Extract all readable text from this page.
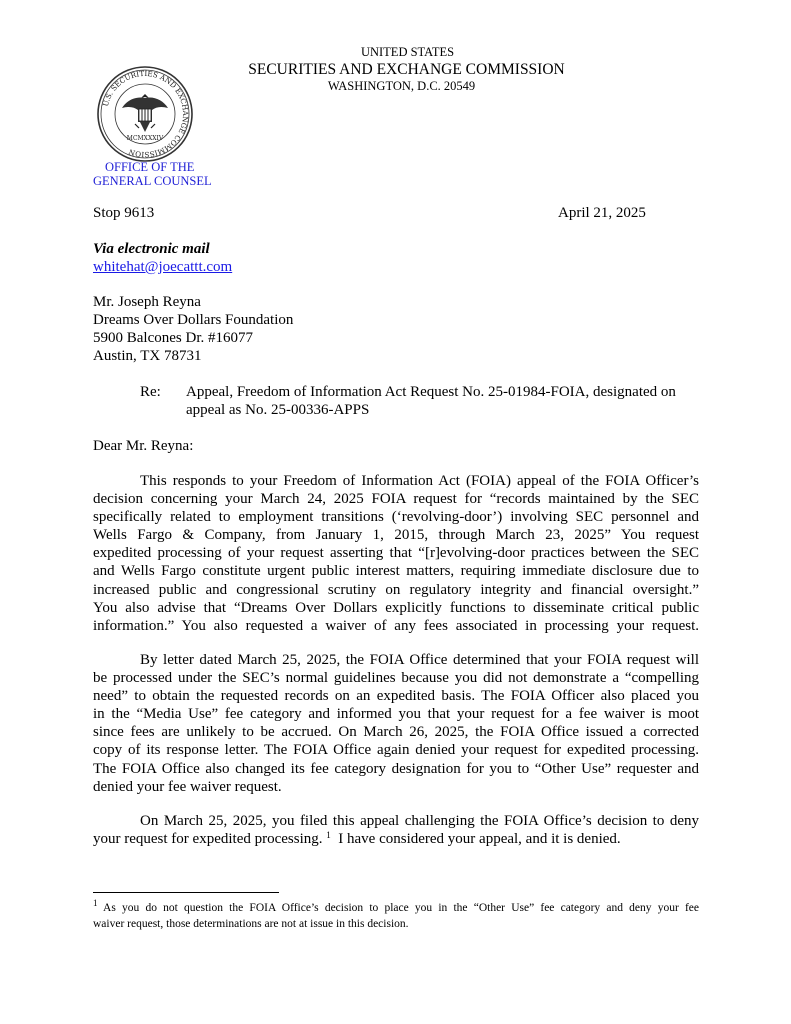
UNITED STATES
SECURITIES AND EXCHANGE COMMISSION
WASHINGTON, D.C. 20549
U.S. SECURITIES AND EXCHANGE COMMISSION
MCMXXXIV
OFFICE OF THE
GENERAL COUNSEL
Stop 9613	April 21, 2025
Via electronic mail
whitehat@joecattt.com
Mr. Joseph Reyna
Dreams Over Dollars Foundation
5900 Balcones Dr. #16077
Austin, TX 78731
Re: Appeal, Freedom of Information Act Request No. 25-01984-FOIA, designated on
appeal as No. 25-00336-APPS
Dear Mr. Reyna:
This responds to your Freedom of Information Act (FOIA) appeal of the FOIA Officer’s
decision concerning your March 24, 2025 FOIA request for “records maintained by the SEC
specifically related to employment transitions (‘revolving-door’) involving SEC personnel and
Wells Fargo & Company, from January 1, 2015, through March 23, 2025” You request
expedited processing of your request asserting that “[r]evolving-door practices between the SEC
and Wells Fargo constitute urgent public interest matters, requiring immediate disclosure due to
increased public and congressional scrutiny on regulatory integrity and financial oversight.”
You also advise that “Dreams Over Dollars explicitly functions to disseminate critical public
information.” You also requested a waiver of any fees associated in processing your request.
By letter dated March 25, 2025, the FOIA Office determined that your FOIA request will
be processed under the SEC’s normal guidelines because you did not demonstrate a “compelling
need” to obtain the requested records on an expedited basis. The FOIA Officer also placed you
in the “Media Use” fee category and informed you that your request for a fee waiver is moot
since fees are unlikely to be accrued. On March 26, 2025, the FOIA Office issued a corrected
copy of its response letter. The FOIA Office again denied your request for expedited processing.
The FOIA Office also changed its fee category designation for you to “Other Use” requester and
denied your fee waiver request.
On March 25, 2025, you filed this appeal challenging the FOIA Office’s decision to deny
your request for expedited processing. $^1$  I have considered your appeal, and it is denied.
$^1$ As you do not question the FOIA Office’s decision to place you in the “Other Use” fee category and deny your fee
waiver request, those determinations are not at issue in this decision.
